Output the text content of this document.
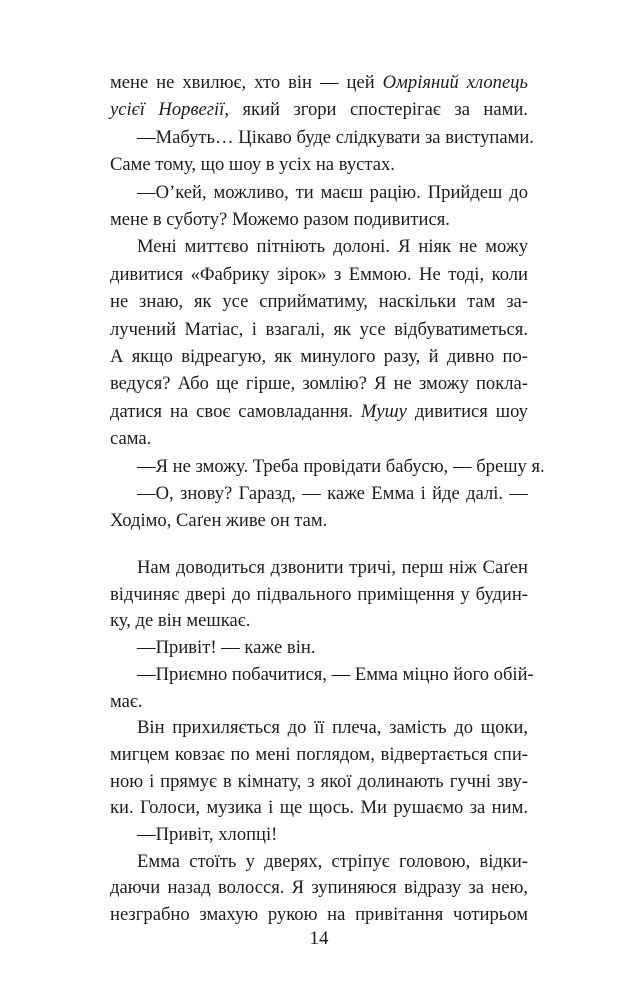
мене не хвилює, хто він — цей Омріяний хлопець
усієї Норвегії, який згори спостерігає за нами.
—Мабуть… Цікаво буде слідкувати за виступами.
Саме тому, що шоу в усіх на вустах.
—О’кей, можливо, ти маєш рацію. Прийдеш до
мене в суботу? Можемо разом подивитися.
Мені миттєво пітніють долоні. Я ніяк не можу
дивитися «Фабрику зірок» з Еммою. Не тоді, коли
не знаю, як усе сприйматиму, наскільки там за-
лучений Матіас, і взагалі, як усе відбуватиметься.
А якщо відреагую, як минулого разу, й дивно по-
ведуся? Або ще гірше, зомлію? Я не зможу покла-
датися на своє самовладання. Мушу дивитися шоу
сама.
—Я не зможу. Треба провідати бабусю, — брешу я.
—О, знову? Гаразд, — каже Емма і йде далі. —
Ходімо, Саґен живе он там.
Нам доводиться дзвонити тричі, перш ніж Саґен
відчиняє двері до підвального приміщення у будин-
ку, де він мешкає.
—Привіт! — каже він.
—Приємно побачитися, — Емма міцно його обій-
має.
Він прихиляється до її плеча, замість до щоки,
мигцем ковзає по мені поглядом, відвертається спи-
ною і прямує в кімнату, з якої долинають гучні зву-
ки. Голоси, музика і ще щось. Ми рушаємо за ним.
—Привіт, хлопці!
Емма стоїть у дверях, стріпує головою, відки-
даючи назад волосся. Я зупиняюся відразу за нею,
незграбно змахую рукою на привітання чотирьом
14
